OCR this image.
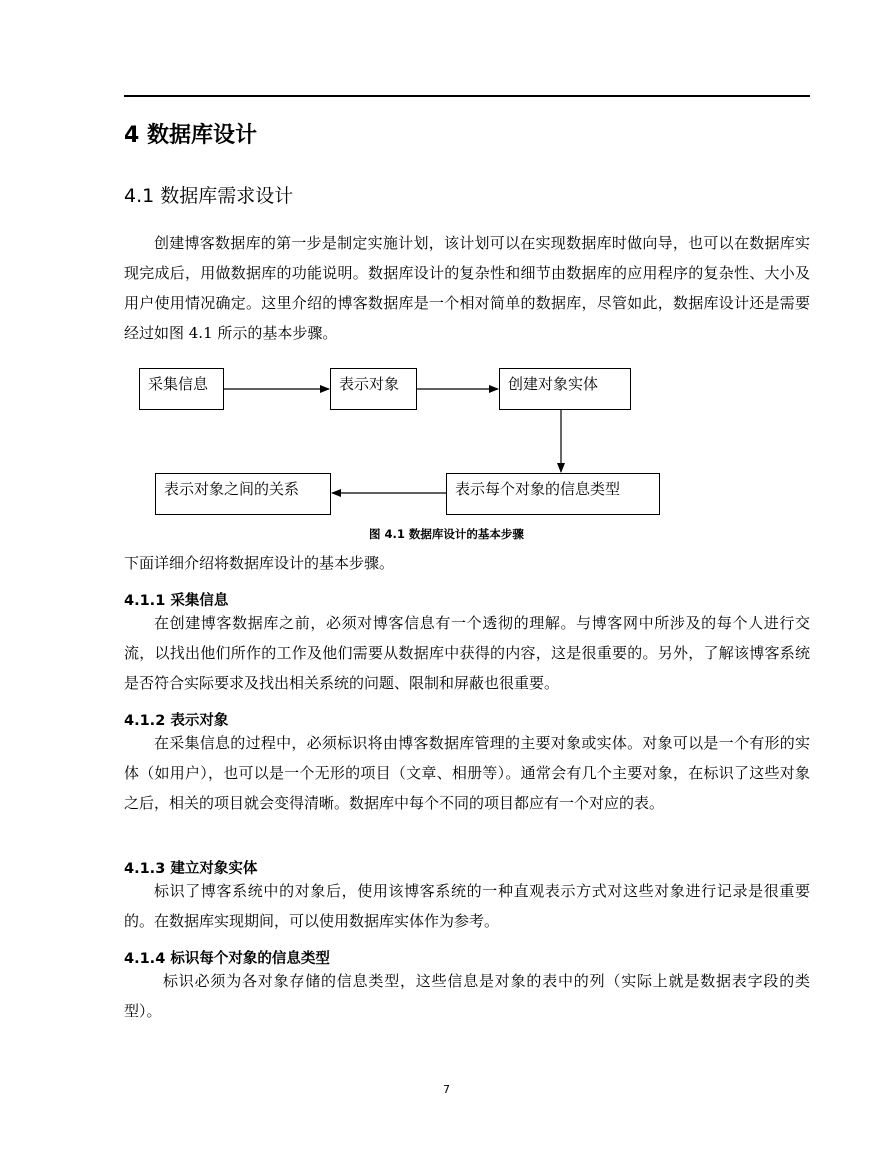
4 数据库设计
4.1 数据库需求设计
创建博客数据库的第一步是制定实施计划，该计划可以在实现数据库时做向导，也可以在数据库实现完成后，用做数据库的功能说明。数据库设计的复杂性和细节由数据库的应用程序的复杂性、大小及用户使用情况确定。这里介绍的博客数据库是一个相对简单的数据库，尽管如此，数据库设计还是需要经过如图 4.1 所示的基本步骤。
采集信息	表示对象	创建对象实体
表示每个对象的信息类型
表示对象之间的关系
图 4.1 数据库设计的基本步骤
下面详细介绍将数据库设计的基本步骤。
4.1.1 采集信息
在创建博客数据库之前，必须对博客信息有一个透彻的理解。与博客网中所涉及的每个人进行交流，以找出他们所作的工作及他们需要从数据库中获得的内容，这是很重要的。另外，了解该博客系统是否符合实际要求及找出相关系统的问题、限制和屏蔽也很重要。
4.1.2 表示对象
在采集信息的过程中，必须标识将由博客数据库管理的主要对象或实体。对象可以是一个有形的实体（如用户），也可以是一个无形的项目（文章、相册等）。通常会有几个主要对象，在标识了这些对象之后，相关的项目就会变得清晰。数据库中每个不同的项目都应有一个对应的表。
4.1.3 建立对象实体
标识了博客系统中的对象后，使用该博客系统的一种直观表示方式对这些对象进行记录是很重要的。在数据库实现期间，可以使用数据库实体作为参考。
4.1.4 标识每个对象的信息类型
标识必须为各对象存储的信息类型，这些信息是对象的表中的列（实际上就是数据表字段的类型）。
7
